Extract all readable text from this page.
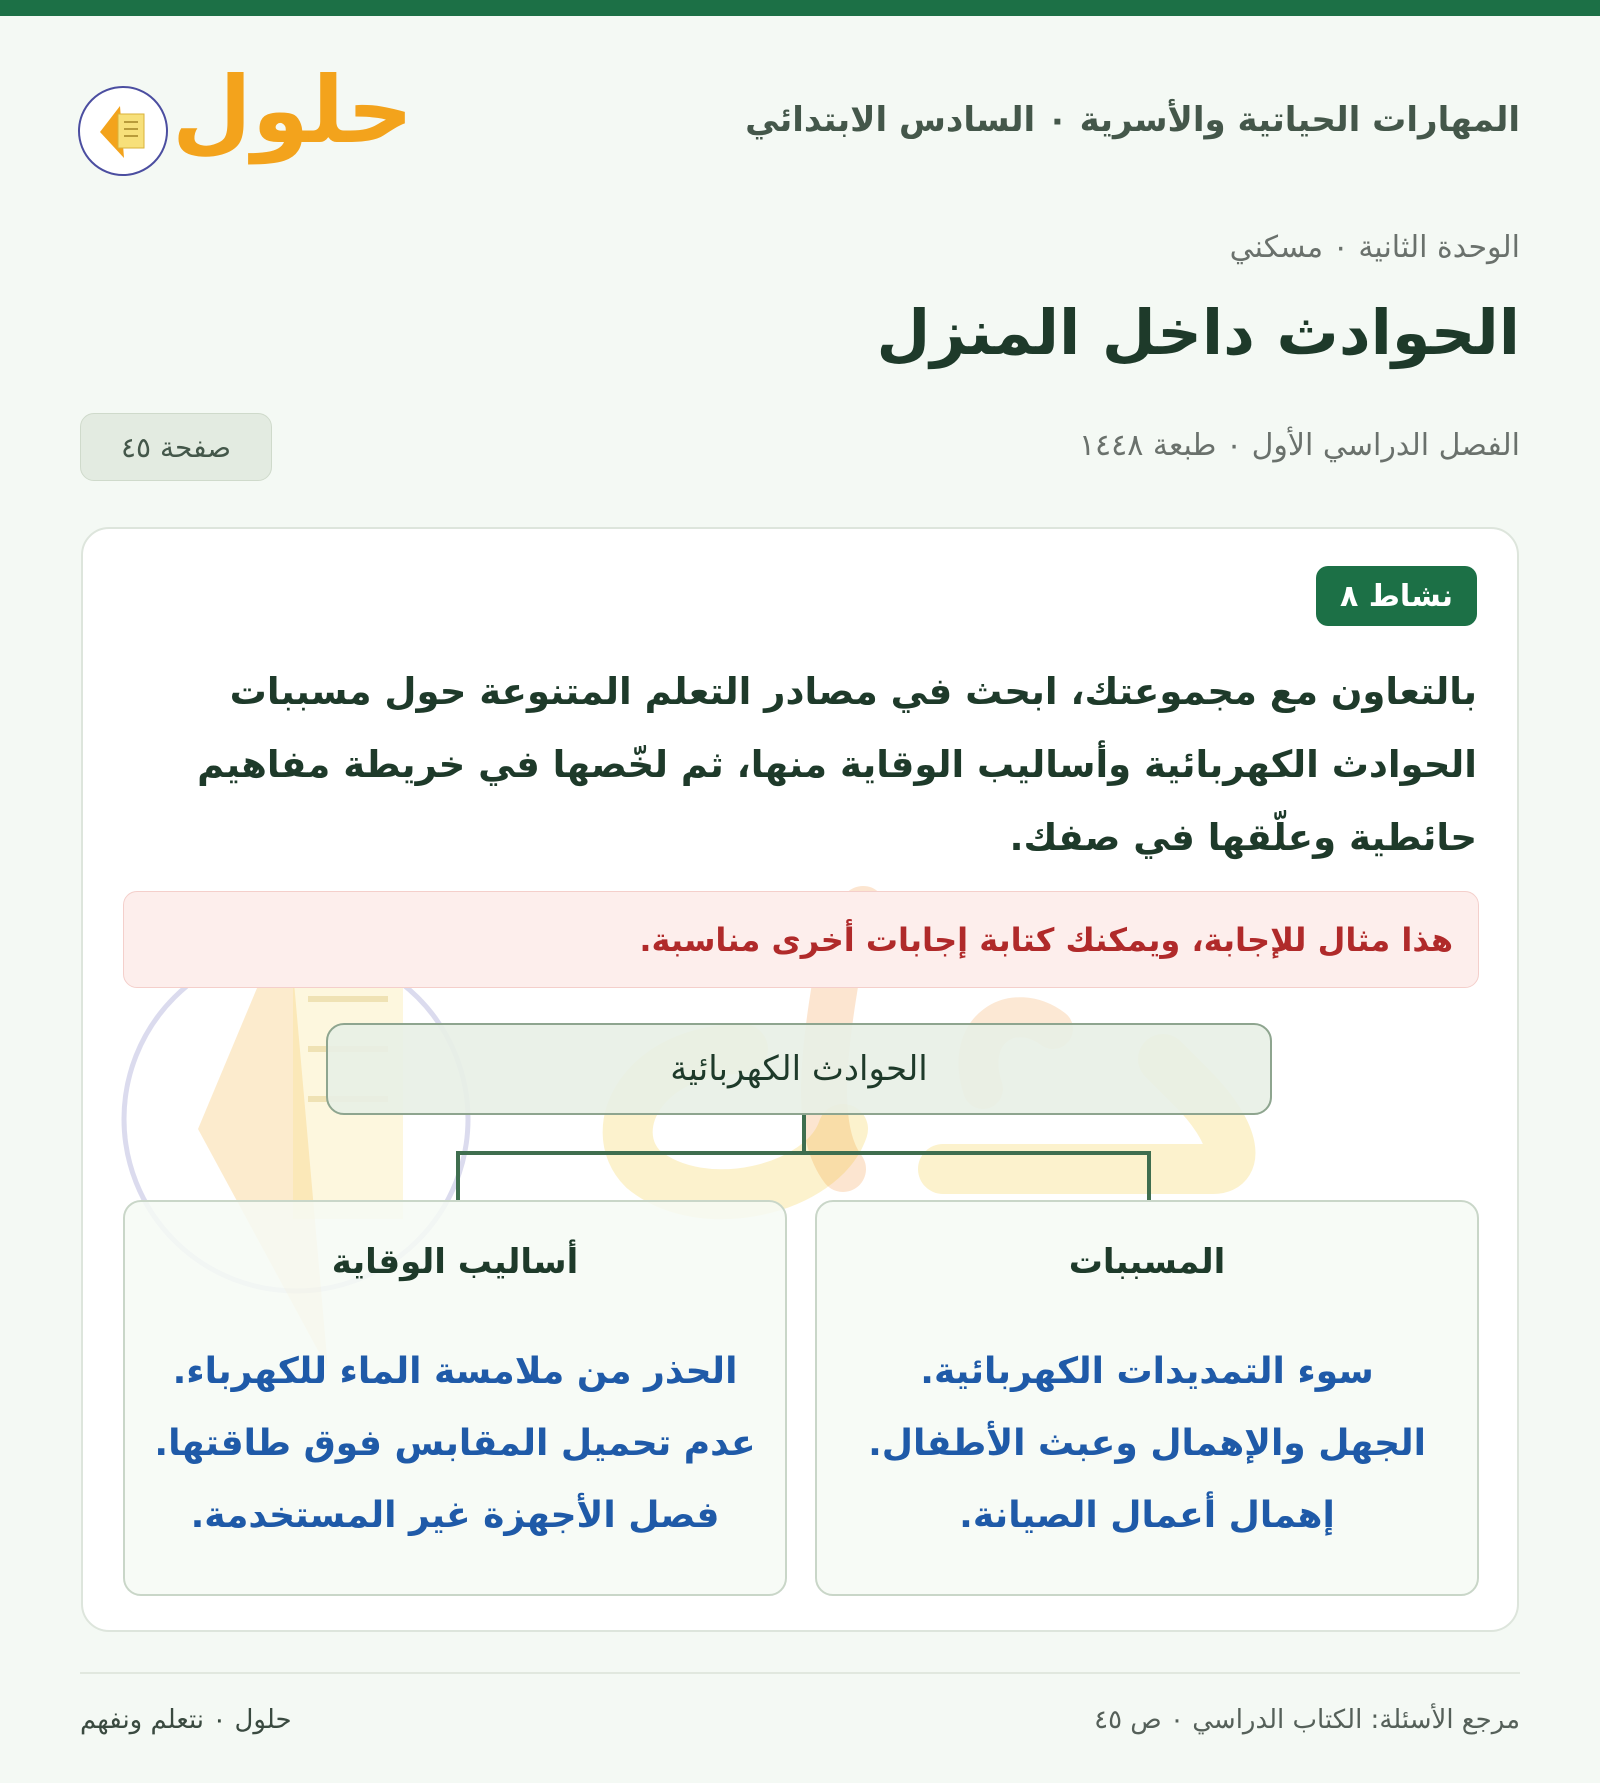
المهارات الحياتية والأسرية ٠ السادس الابتدائي
حلول
الوحدة الثانية ٠ مسكني
الحوادث داخل المنزل
الفصل الدراسي الأول ٠ طبعة ١٤٤٨
صفحة ٤٥
نشاط ٨
بالتعاون مع مجموعتك، ابحث في مصادر التعلم المتنوعة حول مسببات الحوادث الكهربائية وأساليب الوقاية منها، ثم لخّصها في خريطة مفاهيم حائطية وعلّقها في صفك.
هذا مثال للإجابة، ويمكنك كتابة إجابات أخرى مناسبة.
الحوادث الكهربائية
المسببات
سوء التمديدات الكهربائية.
الجهل والإهمال وعبث الأطفال.
إهمال أعمال الصيانة.
أساليب الوقاية
الحذر من ملامسة الماء للكهرباء.
عدم تحميل المقابس فوق طاقتها.
فصل الأجهزة غير المستخدمة.
مرجع الأسئلة: الكتاب الدراسي ٠ ص ٤٥
حلول ٠ نتعلم ونفهم
